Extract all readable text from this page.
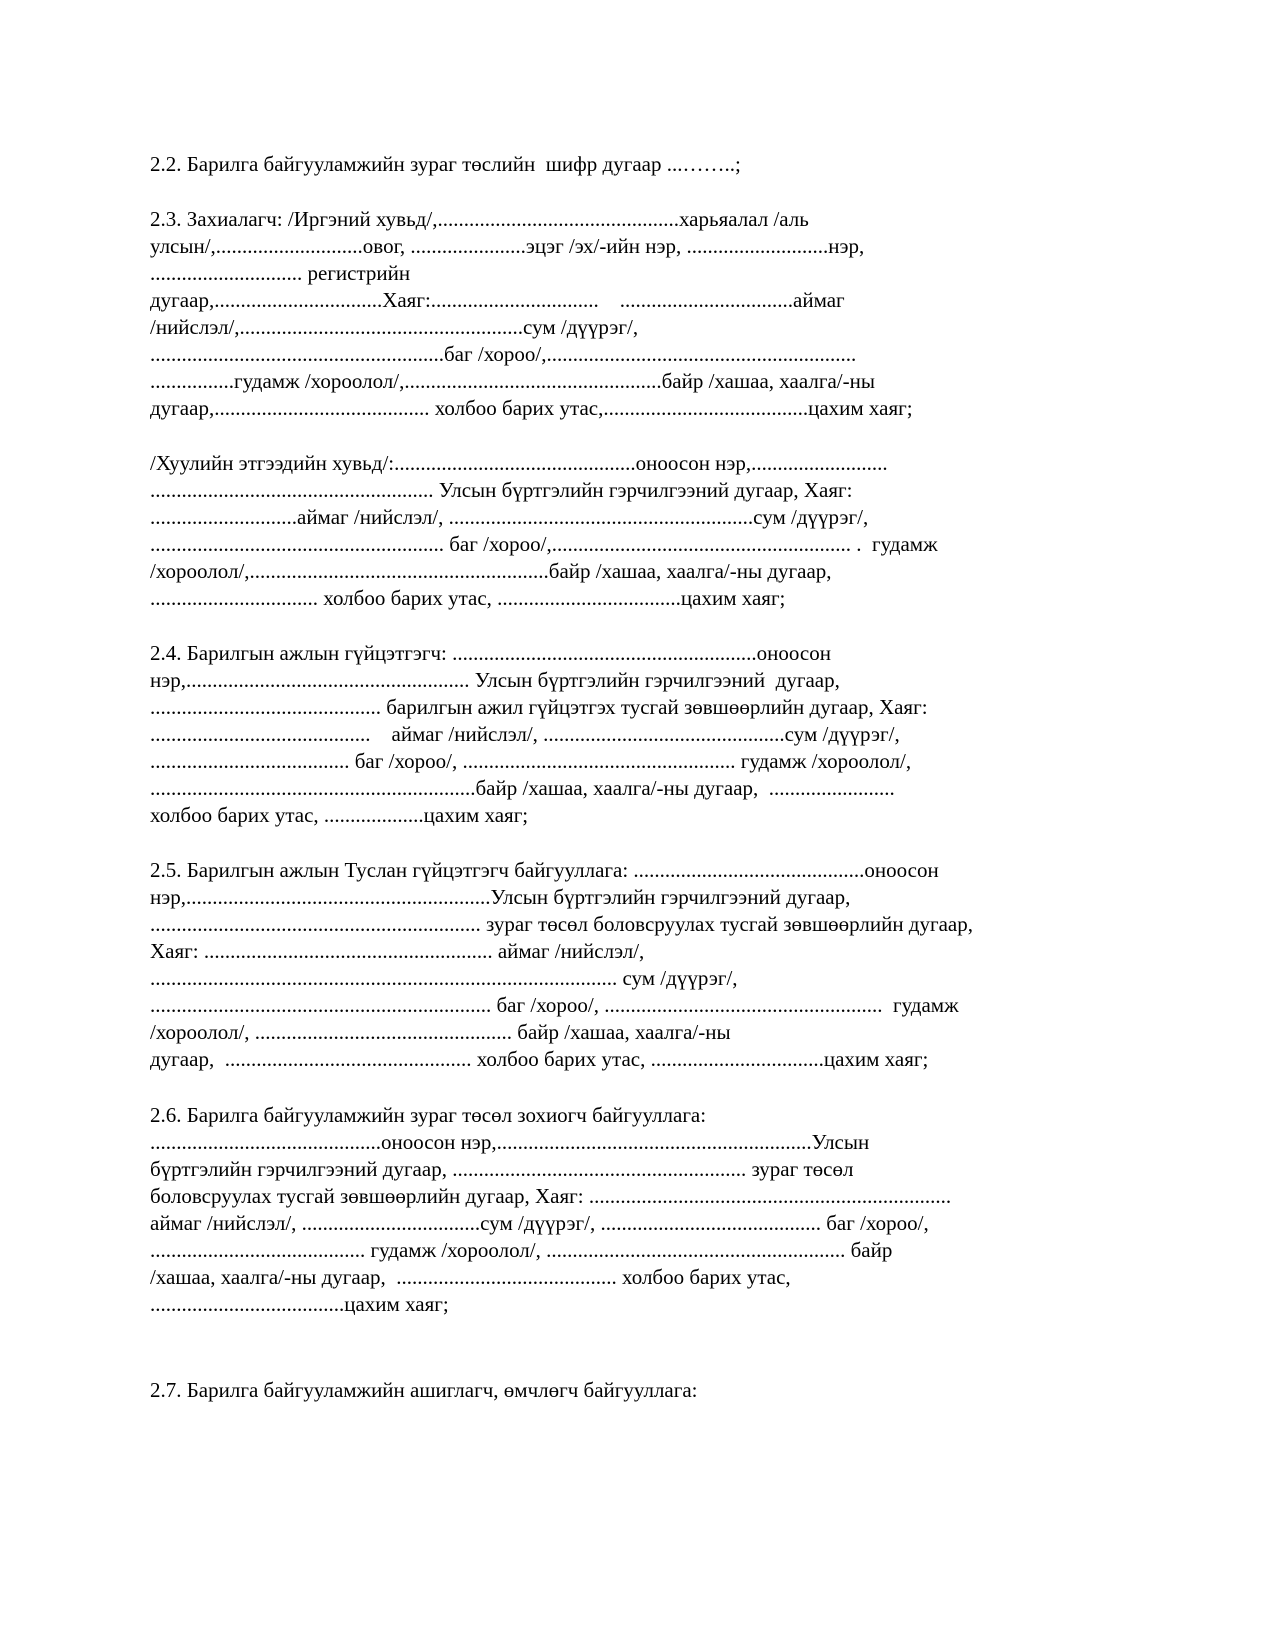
2.2. Барилга байгууламжийн зураг төслийн  шифр дугаар ...……..;

2.3. Захиалагч: /Иргэний хувьд/,..............................................харьяалал /аль

улсын/,............................овог, ......................эцэг /эх/-ийн нэр, ...........................нэр,

............................. регистрийн

дугаар,................................Хаяг:................................    .................................аймаг

/нийслэл/,......................................................сум /дүүрэг/,

........................................................баг /хороо/,...........................................................

................гудамж /хороолол/,.................................................байр /хашаа, хаалга/-ны

дугаар,......................................... холбоо барих утас,.......................................цахим хаяг;

/Хуулийн этгээдийн хувьд/:..............................................оноосон нэр,..........................

...................................................... Улсын бүртгэлийн гэрчилгээний дугаар, Хаяг:

............................аймаг /нийслэл/, ..........................................................сум /дүүрэг/,

........................................................ баг /хороо/,......................................................... .  гудамж

/хороолол/,.........................................................байр /хашаа, хаалга/-ны дугаар,

................................ холбоо барих утас, ...................................цахим хаяг;

2.4. Барилгын ажлын гүйцэтгэгч: ..........................................................оноосон

нэр,...................................................... Улсын бүртгэлийн гэрчилгээний  дугаар,

............................................ барилгын ажил гүйцэтгэх тусгай зөвшөөрлийн дугаар, Хаяг:

..........................................    аймаг /нийслэл/, ..............................................сум /дүүрэг/,

...................................... баг /хороо/, .................................................... гудамж /хороолол/,

..............................................................байр /хашаа, хаалга/-ны дугаар,  ........................

холбоо барих утас, ...................цахим хаяг;

2.5. Барилгын ажлын Туслан гүйцэтгэгч байгууллага: ............................................оноосон

нэр,..........................................................Улсын бүртгэлийн гэрчилгээний дугаар,

............................................................... зураг төсөл боловсруулах тусгай зөвшөөрлийн дугаар,

Хаяг: ....................................................... аймаг /нийслэл/,

......................................................................................... сум /дүүрэг/,

................................................................. баг /хороо/, .....................................................  гудамж

/хороолол/, ................................................. байр /хашаа, хаалга/-ны

дугаар,  ............................................... холбоо барих утас, .................................цахим хаяг;

2.6. Барилга байгууламжийн зураг төсөл зохиогч байгууллага:

............................................оноосон нэр,............................................................Улсын

бүртгэлийн гэрчилгээний дугаар, ........................................................ зураг төсөл

боловсруулах тусгай зөвшөөрлийн дугаар, Хаяг: .....................................................................

аймаг /нийслэл/, ..................................сум /дүүрэг/, .......................................... баг /хороо/,

......................................... гудамж /хороолол/, ......................................................... байр

/хашаа, хаалга/-ны дугаар,  .......................................... холбоо барих утас,

.....................................цахим хаяг;

2.7. Барилга байгууламжийн ашиглагч, өмчлөгч байгууллага:
